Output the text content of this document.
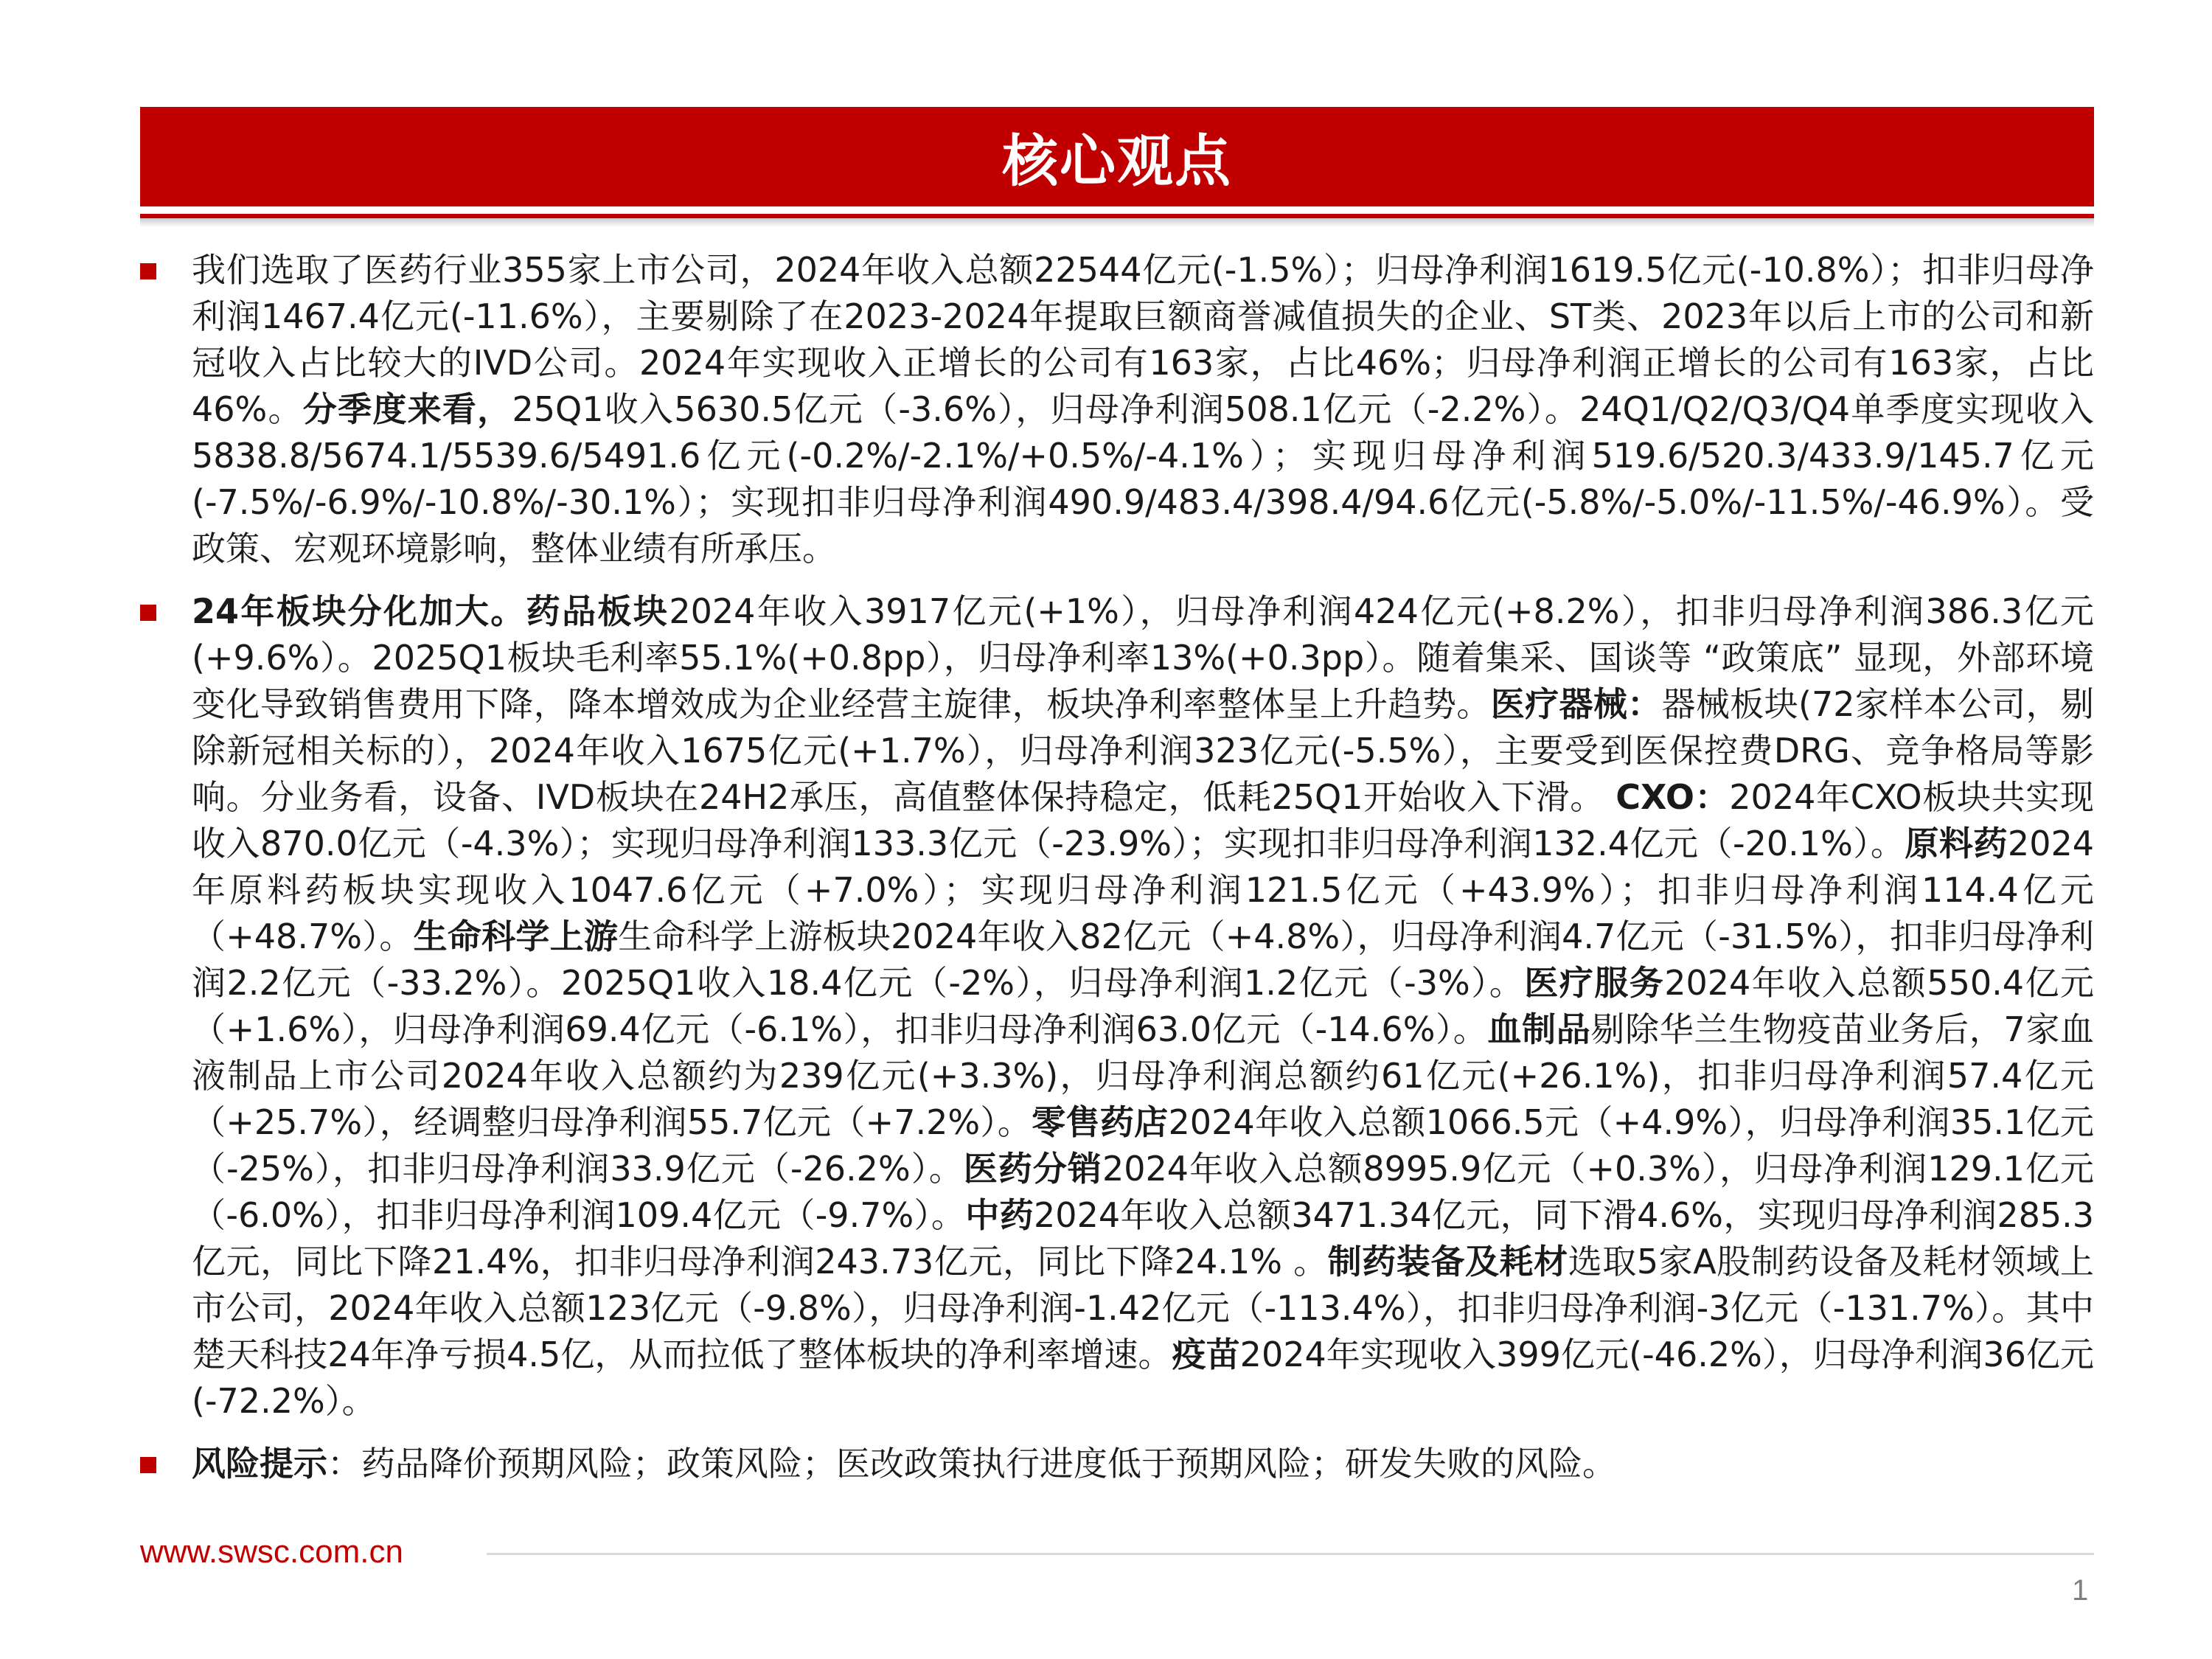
核心观点
我们选取了医药行业355家上市公司，2024年收入总额22544亿元(-1.5%）；归母净利润1619.5亿元(-10.8%）；扣非归母净利润1467.4亿元(-11.6%），主要剔除了在2023-2024年提取巨额商誉减值损失的企业、ST类、2023年以后上市的公司和新冠收入占比较大的IVD公司。2024年实现收入正增长的公司有163家，占比46%；归母净利润正增长的公司有163家，占比46%。分季度来看，25Q1收入5630.5亿元（-3.6%），归母净利润508.1亿元（-2.2%）。24Q1/Q2/Q3/Q4单季度实现收入5838.8/5674.1/5539.6/5491.6亿元(-0.2%/-2.1%/+0.5%/-4.1%）；实现归母净利润519.6/520.3/433.9/145.7亿元(-7.5%/-6.9%/-10.8%/-30.1%）；实现扣非归母净利润490.9/483.4/398.4/94.6亿元(-5.8%/-5.0%/-11.5%/-46.9%）。受政策、宏观环境影响，整体业绩有所承压。
24年板块分化加大。药品板块2024年收入3917亿元(+1%），归母净利润424亿元(+8.2%），扣非归母净利润386.3亿元(+9.6%）。2025Q1板块毛利率55.1%(+0.8pp），归母净利率13%(+0.3pp）。随着集采、国谈等 “政策底” 显现，外部环境变化导致销售费用下降，降本增效成为企业经营主旋律，板块净利率整体呈上升趋势。医疗器械：器械板块(72家样本公司，剔除新冠相关标的），2024年收入1675亿元(+1.7%），归母净利润323亿元(-5.5%），主要受到医保控费DRG、竞争格局等影响。分业务看，设备、IVD板块在24H2承压，高值整体保持稳定，低耗25Q1开始收入下滑。 CXO：2024年CXO板块共实现收入870.0亿元（-4.3%）；实现归母净利润133.3亿元（-23.9%）；实现扣非归母净利润132.4亿元（-20.1%）。原料药2024年原料药板块实现收入1047.6亿元（+7.0%）；实现归母净利润121.5亿元（+43.9%）；扣非归母净利润114.4亿元（+48.7%）。生命科学上游生命科学上游板块2024年收入82亿元（+4.8%），归母净利润4.7亿元（-31.5%），扣非归母净利润2.2亿元（-33.2%）。2025Q1收入18.4亿元（-2%），归母净利润1.2亿元（-3%）。医疗服务2024年收入总额550.4亿元（+1.6%），归母净利润69.4亿元（-6.1%），扣非归母净利润63.0亿元（-14.6%）。血制品剔除华兰生物疫苗业务后，7家血液制品上市公司2024年收入总额约为239亿元(+3.3%)，归母净利润总额约61亿元(+26.1%)，扣非归母净利润57.4亿元（+25.7%），经调整归母净利润55.7亿元（+7.2%）。零售药店2024年收入总额1066.5元（+4.9%），归母净利润35.1亿元（-25%），扣非归母净利润33.9亿元（-26.2%）。医药分销2024年收入总额8995.9亿元（+0.3%），归母净利润129.1亿元（-6.0%），扣非归母净利润109.4亿元（-9.7%）。中药2024年收入总额3471.34亿元，同下滑4.6%，实现归母净利润285.3亿元，同比下降21.4%，扣非归母净利润243.73亿元，同比下降24.1% 。制药装备及耗材选取5家A股制药设备及耗材领域上市公司，2024年收入总额123亿元（-9.8%），归母净利润-1.42亿元（-113.4%），扣非归母净利润-3亿元（-131.7%）。其中楚天科技24年净亏损4.5亿，从而拉低了整体板块的净利率增速。疫苗2024年实现收入399亿元(-46.2%），归母净利润36亿元(-72.2%）。
风险提示：药品降价预期风险；政策风险；医改政策执行进度低于预期风险；研发失败的风险。
www.swsc.com.cn
1
